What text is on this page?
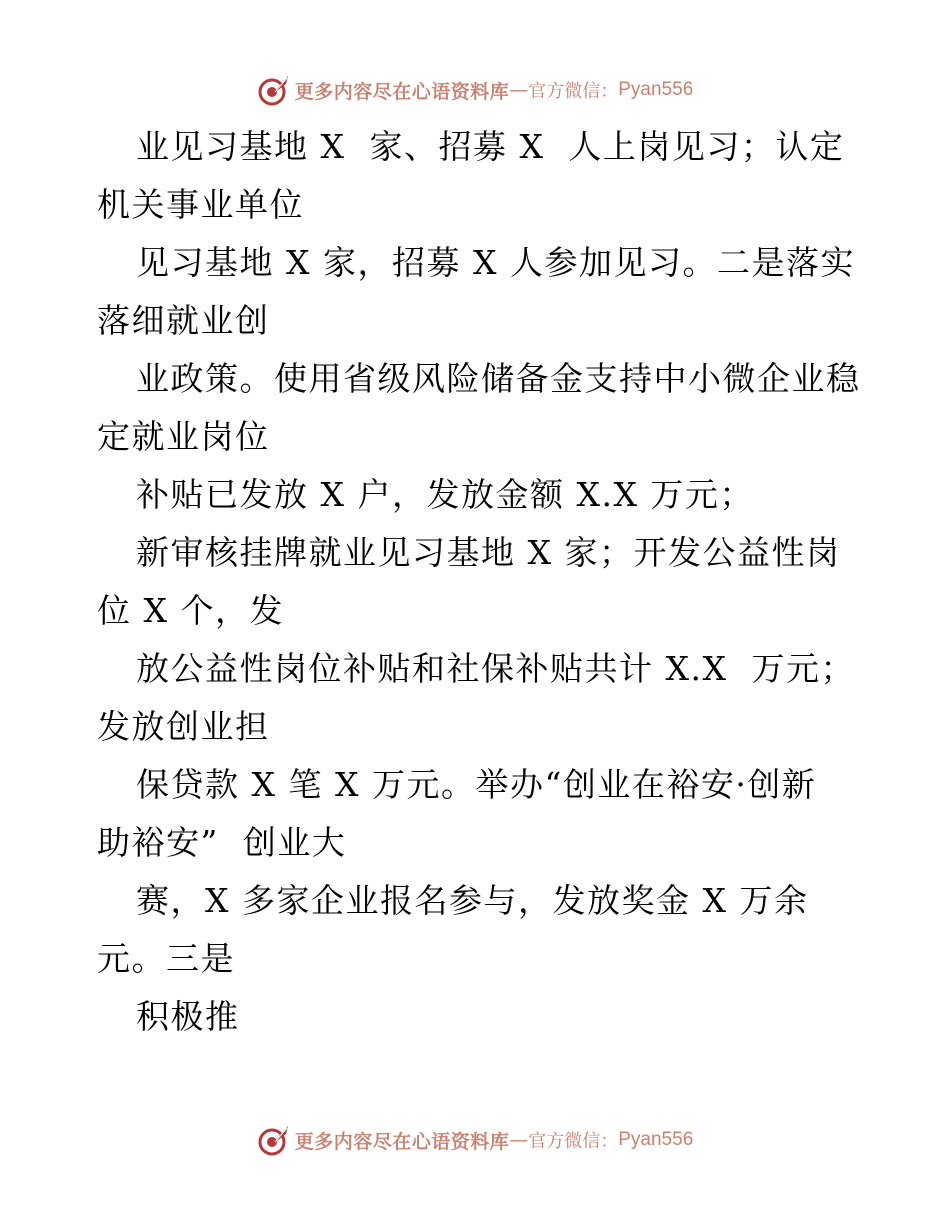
更多内容尽在心语资料库 — 官方微信： Pyan556
业见习基地 X  家、招募 X  人上岗见习；认定
机关事业单位
见习基地 X 家，招募 X 人参加见习。二是落实
落细就业创
业政策。使用省级风险储备金支持中小微企业稳
定就业岗位
补贴已发放 X 户，发放金额 X.X 万元；
新审核挂牌就业见习基地 X 家；开发公益性岗
位 X 个，发
放公益性岗位补贴和社保补贴共计 X.X  万元；
发放创业担
保贷款 X 笔 X 万元。举办“创业在裕安·创新
助裕安”  创业大
赛，X 多家企业报名参与，发放奖金 X 万余
元。三是
积极推
更多内容尽在心语资料库 — 官方微信： Pyan556
